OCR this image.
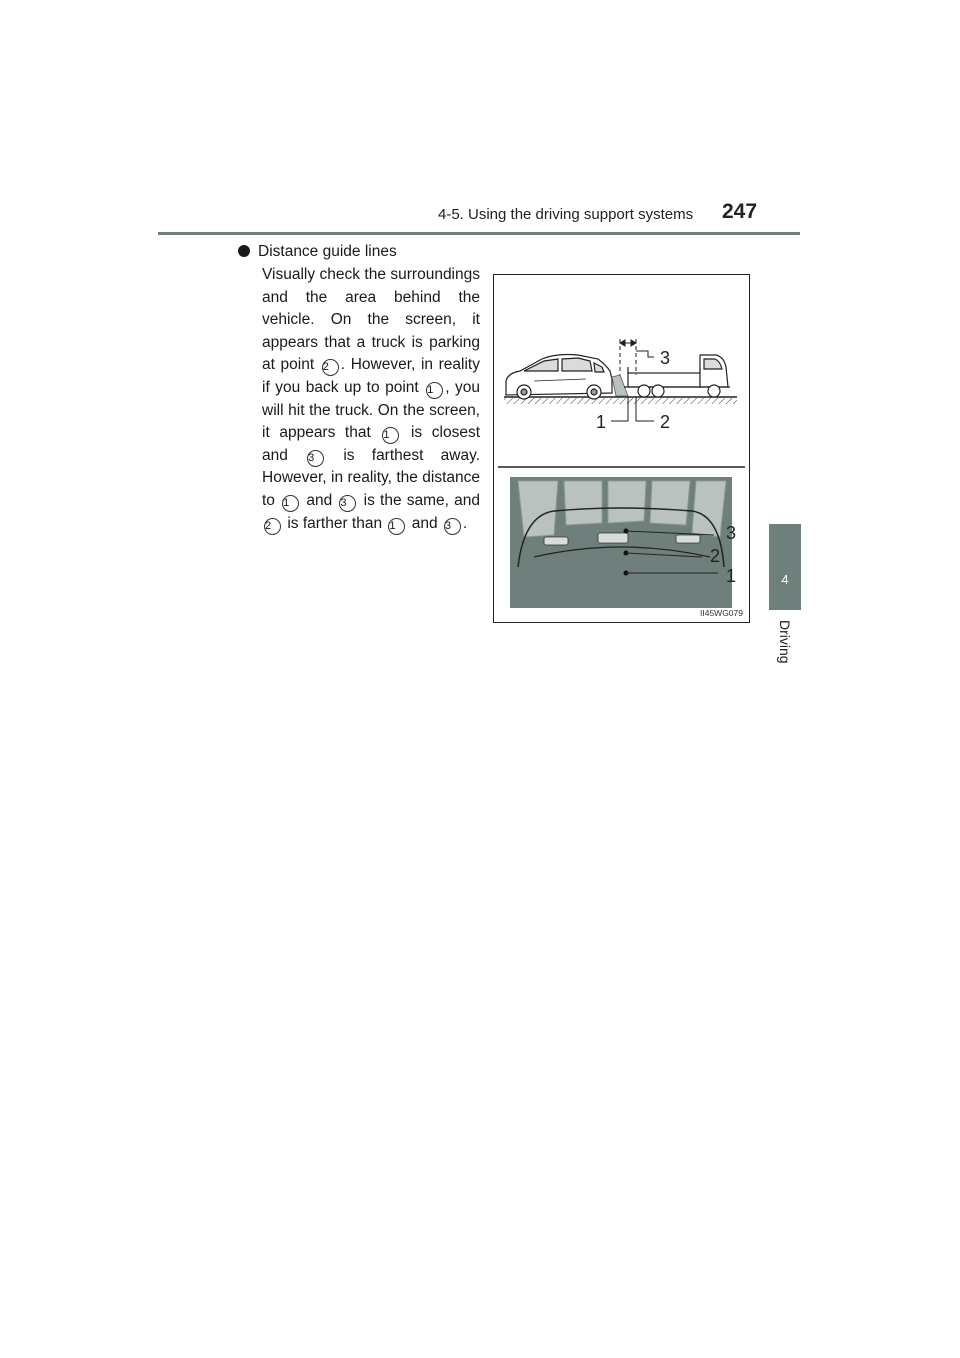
4-5. Using the driving support systems 247
4
Driving
Distance guide lines
Visually check the surroundings and the area behind the vehicle. On the screen, it appears that a truck is parking at point 2 . However, in reality if you back up to point 1 , you will hit the truck. On the screen, it appears that 1 is closest and 3 is farthest away. However, in reality, the distance to 1 and 3 is the same, and 2 is farther than 1 and 3 .
1	2
3
3
2
1
II45WG079
